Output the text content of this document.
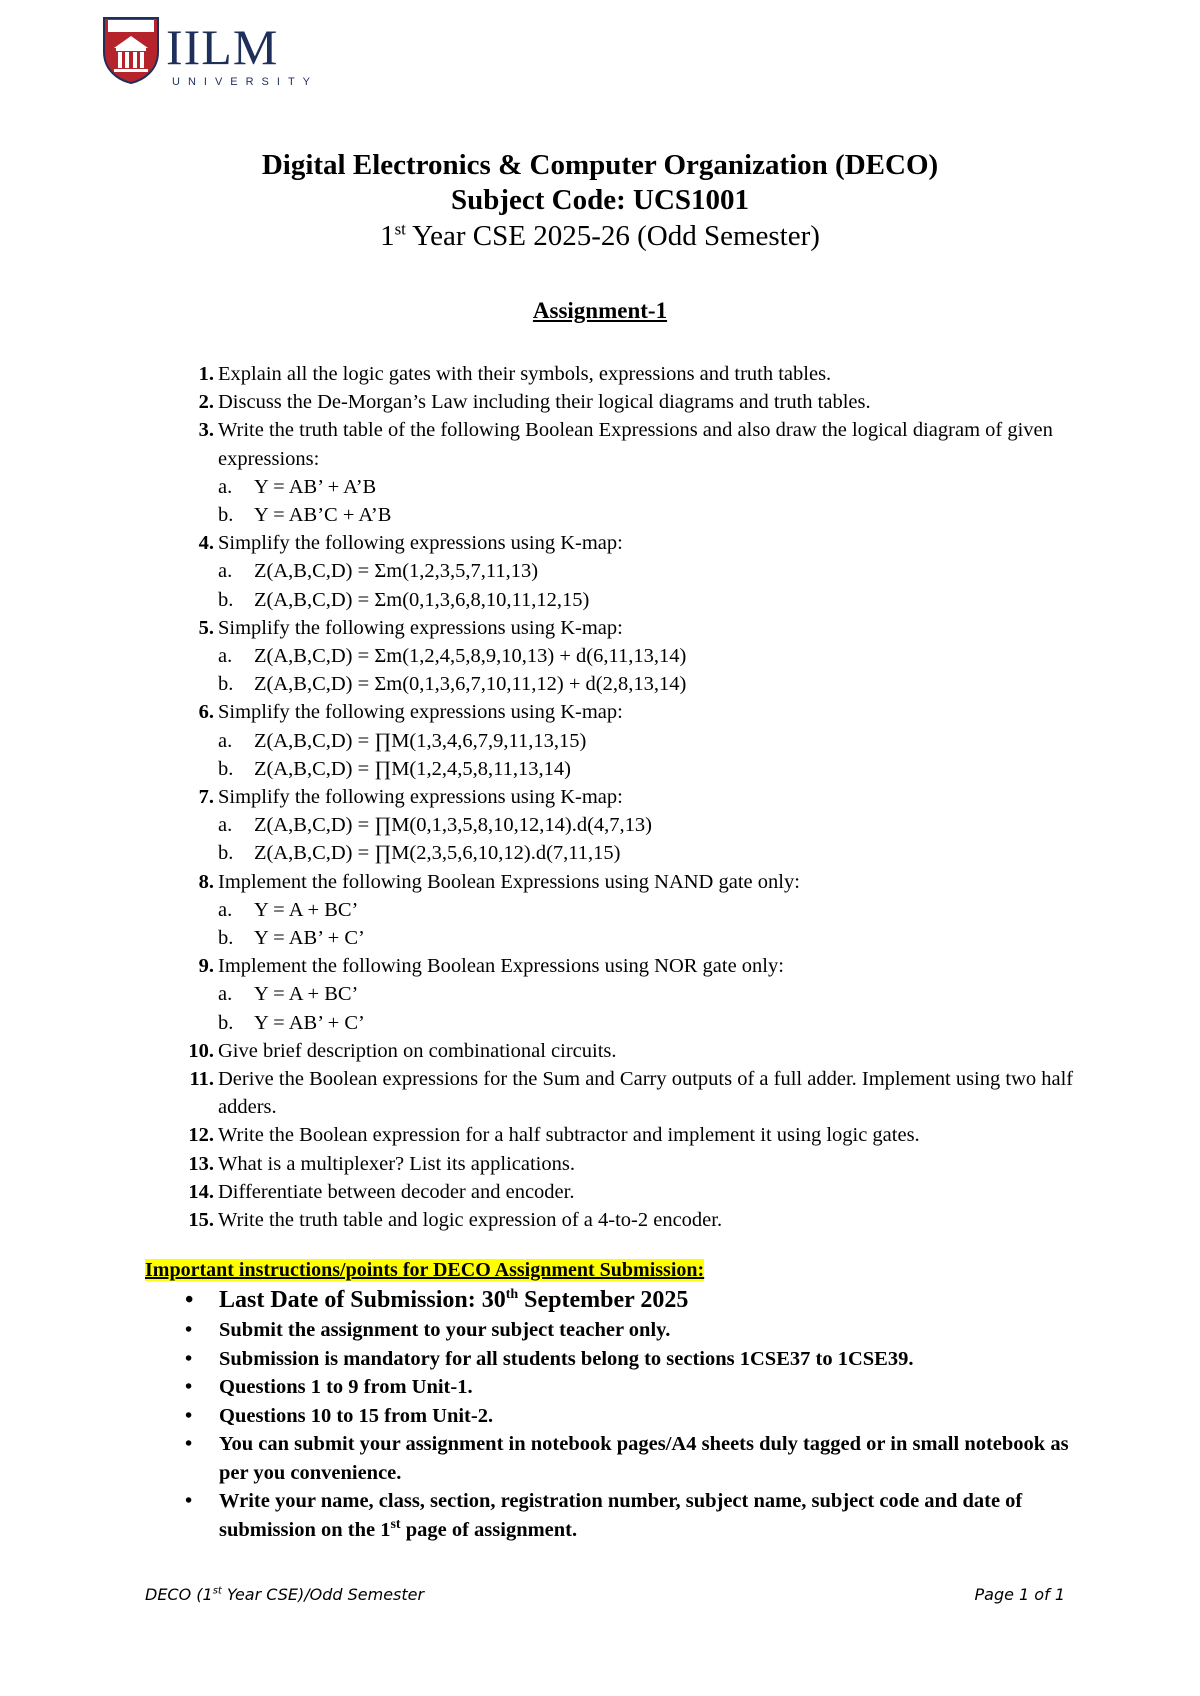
IILM
UNIVERSITY
Digital Electronics & Computer Organization (DECO)
Subject Code: UCS1001
1st Year CSE 2025-26 (Odd Semester)
Assignment-1
1. Explain all the logic gates with their symbols, expressions and truth tables.
2. Discuss the De-Morgan’s Law including their logical diagrams and truth tables.
3. Write the truth table of the following Boolean Expressions and also draw the logical diagram of given expressions:
a. Y = AB’ + A’B
b. Y = AB’C + A’B
4. Simplify the following expressions using K-map:
a. Z(A,B,C,D) = Σm(1,2,3,5,7,11,13)
b. Z(A,B,C,D) = Σm(0,1,3,6,8,10,11,12,15)
5. Simplify the following expressions using K-map:
a. Z(A,B,C,D) = Σm(1,2,4,5,8,9,10,13) + d(6,11,13,14)
b. Z(A,B,C,D) = Σm(0,1,3,6,7,10,11,12) + d(2,8,13,14)
6. Simplify the following expressions using K-map:
a. Z(A,B,C,D) = ∏M(1,3,4,6,7,9,11,13,15)
b. Z(A,B,C,D) = ∏M(1,2,4,5,8,11,13,14)
7. Simplify the following expressions using K-map:
a. Z(A,B,C,D) = ∏M(0,1,3,5,8,10,12,14).d(4,7,13)
b. Z(A,B,C,D) = ∏M(2,3,5,6,10,12).d(7,11,15)
8. Implement the following Boolean Expressions using NAND gate only:
a. Y = A + BC’
b. Y = AB’ + C’
9. Implement the following Boolean Expressions using NOR gate only:
a. Y = A + BC’
b. Y = AB’ + C’
10. Give brief description on combinational circuits.
11. Derive the Boolean expressions for the Sum and Carry outputs of a full adder. Implement using two half adders.
12. Write the Boolean expression for a half subtractor and implement it using logic gates.
13. What is a multiplexer? List its applications.
14. Differentiate between decoder and encoder.
15. Write the truth table and logic expression of a 4-to-2 encoder.
Important instructions/points for DECO Assignment Submission:
• Last Date of Submission: 30th September 2025
• Submit the assignment to your subject teacher only.
• Submission is mandatory for all students belong to sections 1CSE37 to 1CSE39.
• Questions 1 to 9 from Unit-1.
• Questions 10 to 15 from Unit-2.
• You can submit your assignment in notebook pages/A4 sheets duly tagged or in small notebook as per you convenience.
• Write your name, class, section, registration number, subject name, subject code and date of submission on the 1st page of assignment.
DECO (1st Year CSE)/Odd Semester	Page 1 of 1
